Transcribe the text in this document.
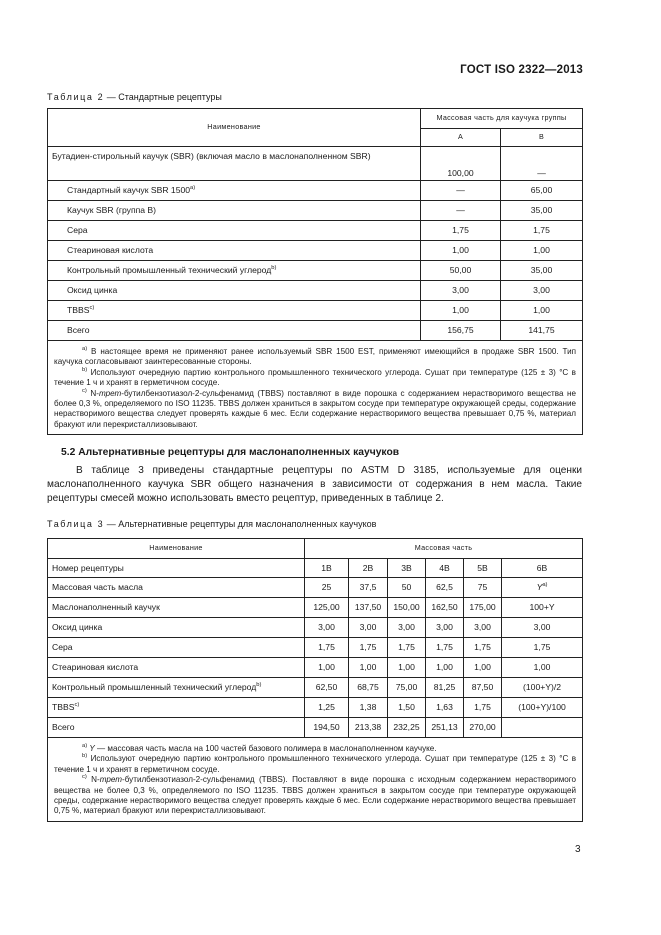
ГОСТ ISO 2322—2013
Таблица 2 — Стандартные рецептуры
Наименование	Массовая часть для каучука группы	
	А	В
Бутадиен-стирольный каучук (SBR) (включая масло в маслонаполненном SBR)	100,00	—
Стандартный каучук SBR 1500$^{a)}$	—	65,00
Каучук SBR (группа В)	—	35,00
Сера	1,75	1,75
Стеариновая кислота	1,00	1,00
Контрольный промышленный технический углерод$^{b)}$	50,00	35,00
Оксид цинка	3,00	3,00
TBBS$^{c)}$	1,00	1,00
Всего	156,75	141,75

$^{a)}$ В настоящее время не применяют ранее используемый SBR 1500 EST, применяют имеющийся в продаже SBR 1500. Тип каучука согласовывают заинтересованные стороны.
$^{b)}$ Используют очередную партию контрольного промышленного технического углерода. Сушат при температуре (125 ± 3) °С в течение 1 ч и хранят в герметичном сосуде.
$^{c)}$ N-трет-бутилбензотиазол-2-сульфенамид (TBBS) поставляют в виде порошка с содержанием нерастворимого вещества не более 0,3 %, определяемого по ISO 11235. TBBS должен храниться в закрытом сосуде при температуре окружающей среды, содержание нерастворимого вещества следует проверять каждые 6 мес. Если содержание нерастворимого вещества превышает 0,75 %, материал бракуют или перекристаллизовывают.		
5.2 Альтернативные рецептуры для маслонаполненных каучуков
В таблице 3 приведены стандартные рецептуры по ASTM D 3185, используемые для оценки маслонаполненного каучука SBR общего назначения в зависимости от содержания в нем масла. Такие рецептуры смесей можно использовать вместо рецептур, приведенных в таблице 2.
Таблица 3 — Альтернативные рецептуры для маслонаполненных каучуков
Наименование	Массовая часть					
Номер рецептуры	1B	2B	3B	4B	5B	6B
Массовая часть масла	25	37,5	50	62,5	75	$Y^{a)}$
Маслонаполненный каучук	125,00	137,50	150,00	162,50	175,00	100+Y
Оксид цинка	3,00	3,00	3,00	3,00	3,00	3,00
Сера	1,75	1,75	1,75	1,75	1,75	1,75
Стеариновая кислота	1,00	1,00	1,00	1,00	1,00	1,00
Контрольный промышленный технический углерод$^{b)}$	62,50	68,75	75,00	81,25	87,50	(100+Y)/2
TBBS$^{c)}$	1,25	1,38	1,50	1,63	1,75	(100+Y)/100
Всего	194,50	213,38	232,25	251,13	270,00	

$^{a)}$ Y — массовая часть масла на 100 частей базового полимера в маслонаполненном каучуке.
$^{b)}$ Используют очередную партию контрольного промышленного технического углерода. Сушат при температуре (125 ± 3) °С в течение 1 ч и хранят в герметичном сосуде.
$^{c)}$ N-трет-бутилбензотиазол-2-сульфенамид (TBBS). Поставляют в виде порошка с исходным содержанием нерастворимого вещества не более 0,3 %, определяемого по ISO 11235. TBBS должен храниться в закрытом сосуде при температуре окружающей среды, содержание нерастворимого вещества следует проверять каждые 6 мес. Если содержание нерастворимого вещества превышает 0,75 %, материал бракуют или перекристаллизовывают.						
3
